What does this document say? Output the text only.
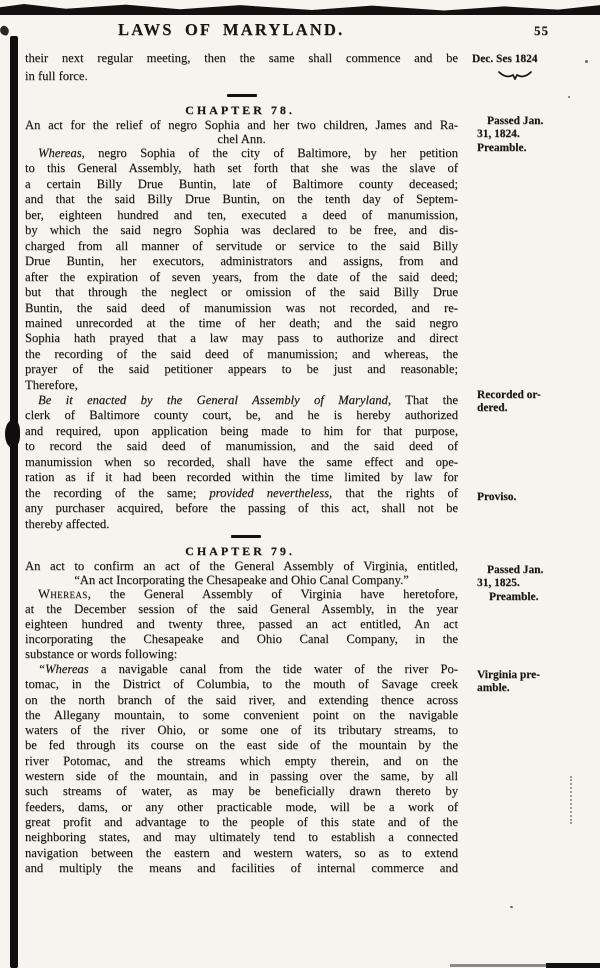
LAWS OF MARYLAND.	55
their next regular meeting, then the same shall commence and be
in full force.
Dec. Ses 1824
CHAPTER 78.
An act for the relief of negro Sophia and her two children, James and Ra-
chel Ann.
Whereas, negro Sophia of the city of Baltimore, by her petition
to this General Assembly, hath set forth that she was the slave of
a certain Billy Drue Buntin, late of Baltimore county deceased;
and that the said Billy Drue Buntin, on the tenth day of Septem-
ber, eighteen hundred and ten, executed a deed of manumission,
by which the said negro Sophia was declared to be free, and dis-
charged from all manner of servitude or service to the said Billy
Drue Buntin, her executors, administrators and assigns, from and
after the expiration of seven years, from the date of the said deed;
but that through the neglect or omission of the said Billy Drue
Buntin, the said deed of manumission was not recorded, and re-
mained unrecorded at the time of her death; and the said negro
Sophia hath prayed that a law may pass to authorize and direct
the recording of the said deed of manumission; and whereas, the
prayer of the said petitioner appears to be just and reasonable;
Therefore,
Be it enacted by the General Assembly of Maryland, That the
clerk of Baltimore county court, be, and he is hereby authorized
and required, upon application being made to him for that purpose,
to record the said deed of manumission, and the said deed of
manumission when so recorded, shall have the same effect and ope-
ration as if it had been recorded within the time limited by law for
the recording of the same; provided nevertheless, that the rights of
any purchaser acquired, before the passing of this act, shall not be
thereby affected.
Passed Jan.
31, 1824.
Preamble.
Recorded or-
dered.
Proviso.
CHAPTER 79.
An act to confirm an act of the General Assembly of Virginia, entitled,
“An act Incorporating the Chesapeake and Ohio Canal Company.”
Whereas, the General Assembly of Virginia have heretofore,
at the December session of the said General Assembly, in the year
eighteen hundred and twenty three, passed an act entitled, An act
incorporating the Chesapeake and Ohio Canal Company, in the
substance or words following:
“Whereas a navigable canal from the tide water of the river Po-
tomac, in the District of Columbia, to the mouth of Savage creek
on the north branch of the said river, and extending thence across
the Allegany mountain, to some convenient point on the navigable
waters of the river Ohio, or some one of its tributary streams, to
be fed through its course on the east side of the mountain by the
river Potomac, and the streams which empty therein, and on the
western side of the mountain, and in passing over the same, by all
such streams of water, as may be beneficially drawn thereto by
feeders, dams, or any other practicable mode, will be a work of
great profit and advantage to the people of this state and of the
neighboring states, and may ultimately tend to establish a connected
navigation between the eastern and western waters, so as to extend
and multiply the means and facilities of internal commerce and
Passed Jan.
31, 1825.
Preamble.
Virginia pre-
amble.
